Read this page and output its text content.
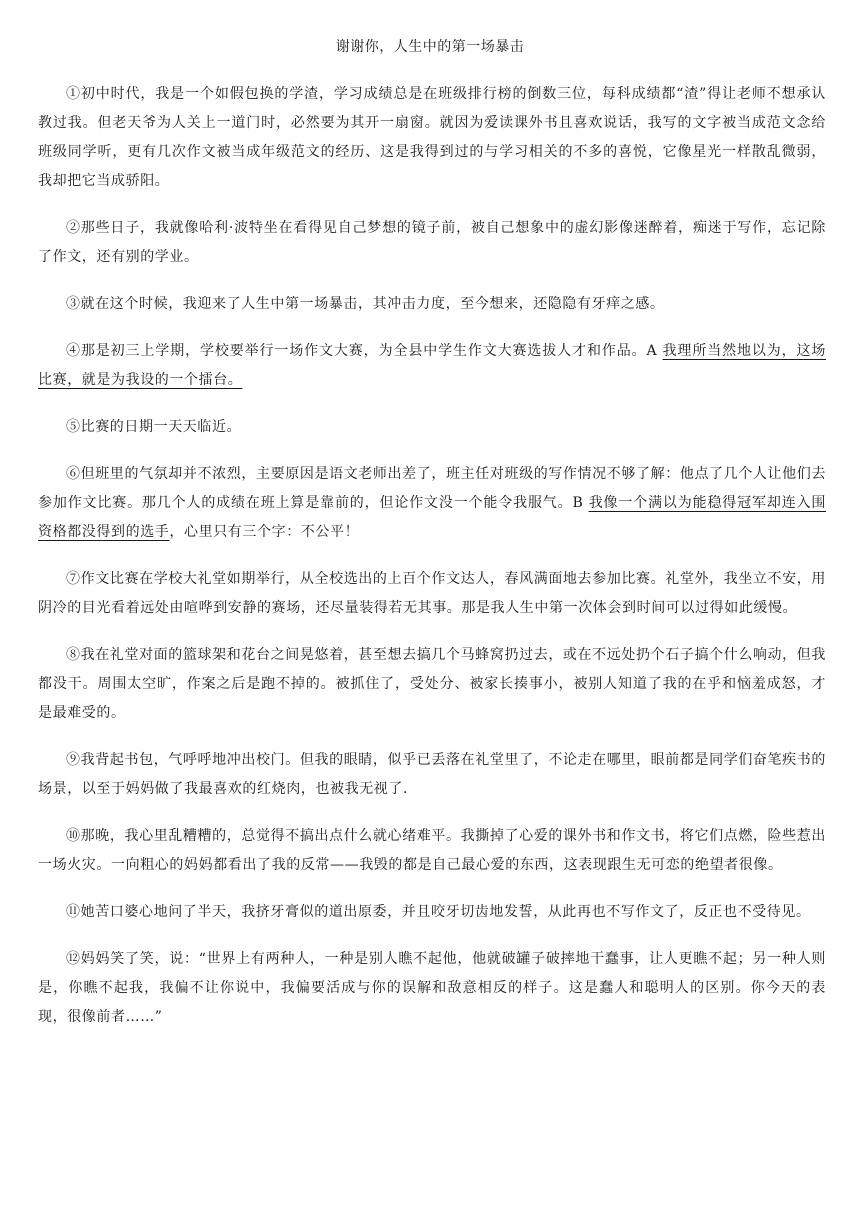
谢谢你，人生中的第一场暴击

①初中时代，我是一个如假包换的学渣，学习成绩总是在班级排行榜的倒数三位，每科成绩都“渣”得让老师不想承认教过我。但老天爷为人关上一道门时，必然要为其开一扇窗。就因为爱读课外书且喜欢说话，我写的文字被当成范文念给班级同学听，更有几次作文被当成年级范文的经历、这是我得到过的与学习相关的不多的喜悦，它像星光一样散乱微弱，我却把它当成骄阳。

②那些日子，我就像哈利·波特坐在看得见自己梦想的镜子前，被自己想象中的虚幻影像迷醉着，痴迷于写作，忘记除了作文，还有别的学业。

③就在这个时候，我迎来了人生中第一场暴击，其冲击力度，至今想来，还隐隐有牙痒之感。

④那是初三上学期，学校要举行一场作文大赛，为全县中学生作文大赛选拔人才和作品。A 我理所当然地以为，这场比赛，就是为我设的一个擂台。

⑤比赛的日期一天天临近。

⑥但班里的气氛却并不浓烈，主要原因是语文老师出差了，班主任对班级的写作情况不够了解：他点了几个人让他们去参加作文比赛。那几个人的成绩在班上算是靠前的，但论作文没一个能令我服气。B 我像一个满以为能稳得冠军却连入围资格都没得到的选手，心里只有三个字：不公平！

⑦作文比赛在学校大礼堂如期举行，从全校选出的上百个作文达人，春风满面地去参加比赛。礼堂外，我坐立不安，用阴冷的目光看着远处由喧哗到安静的赛场，还尽量装得若无其事。那是我人生中第一次体会到时间可以过得如此缓慢。

⑧我在礼堂对面的篮球架和花台之间晃悠着，甚至想去搞几个马蜂窝扔过去，或在不远处扔个石子搞个什么响动，但我都没干。周围太空旷，作案之后是跑不掉的。被抓住了，受处分、被家长揍事小，被别人知道了我的在乎和恼羞成怒，才是最难受的。

⑨我背起书包，气呼呼地冲出校门。但我的眼睛，似乎已丢落在礼堂里了，不论走在哪里，眼前都是同学们奋笔疾书的场景，以至于妈妈做了我最喜欢的红烧肉，也被我无视了.

⑩那晚，我心里乱糟糟的，总觉得不搞出点什么就心绪难平。我撕掉了心爱的课外书和作文书，将它们点燃，险些惹出一场火灾。一向粗心的妈妈都看出了我的反常——我毁的都是自己最心爱的东西，这表现跟生无可恋的绝望者很像。

⑪她苦口婆心地问了半天，我挤牙膏似的道出原委，并且咬牙切齿地发誓，从此再也不写作文了，反正也不受待见。

⑫妈妈笑了笑，说：“世界上有两种人，一种是别人瞧不起他，他就破罐子破摔地干蠢事，让人更瞧不起；另一种人则是，你瞧不起我，我偏不让你说中，我偏要活成与你的误解和敌意相反的样子。这是蠢人和聪明人的区别。你今天的表现，很像前者……”
